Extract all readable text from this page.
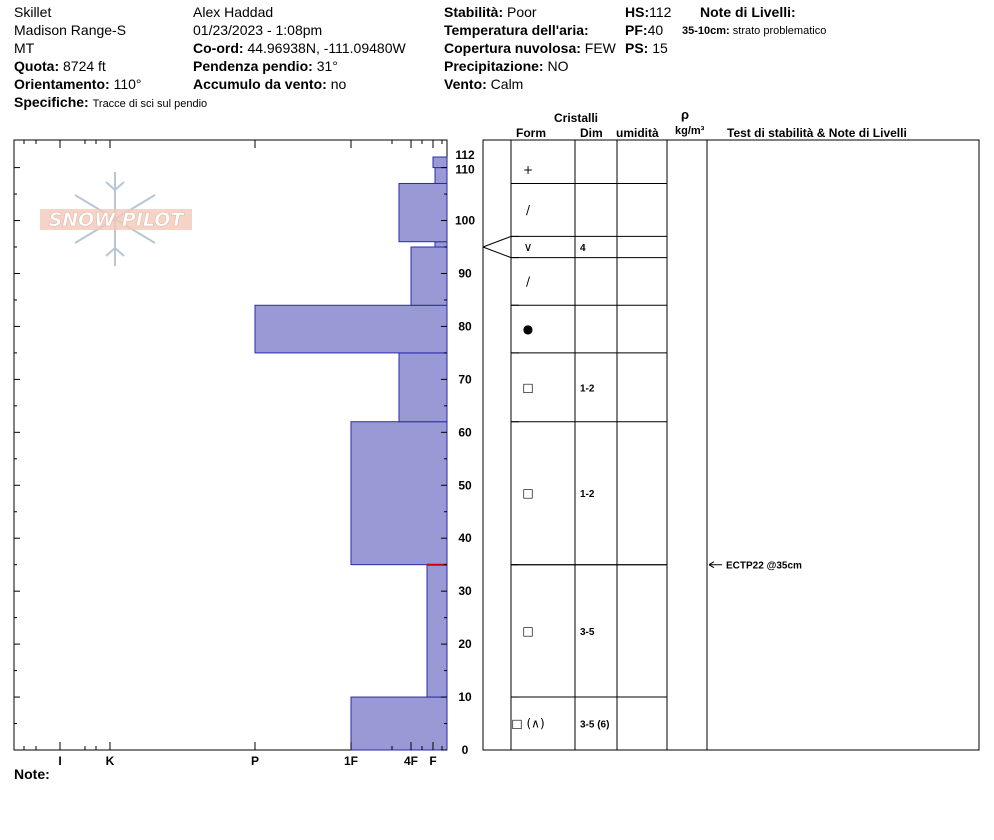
Skillet
Madison Range-S
MT
Quota: 8724 ft
Orientamento: 110°
Specifiche: Tracce di sci sul pendio
Alex Haddad
01/23/2023 - 1:08pm
Co-ord: 44.96938N, -111.09480W
Pendenza pendio: 31°
Accumulo da vento: no
Stabilità: Poor
Temperatura dell'aria:
Copertura nuvolosa: FEW
Precipitazione: NO
Vento: Calm
HS:112
PF:40
PS: 15
Note di Livelli:
35-10cm: strato problematico
Note:
Cristalli
Form	Dim umidità
ρ
kg/m³ Test di stabilità & Note di Livelli
SNOW PILOT
I	K	P	1F	4F F
0
10
20
30
40
50
60
70
80
90
100
110
112
□ (∧)	3-5 (6)
□	3-5
□	1-2
□	1-2
●
/
∨	4
/
+
ECTP22 @35cm
